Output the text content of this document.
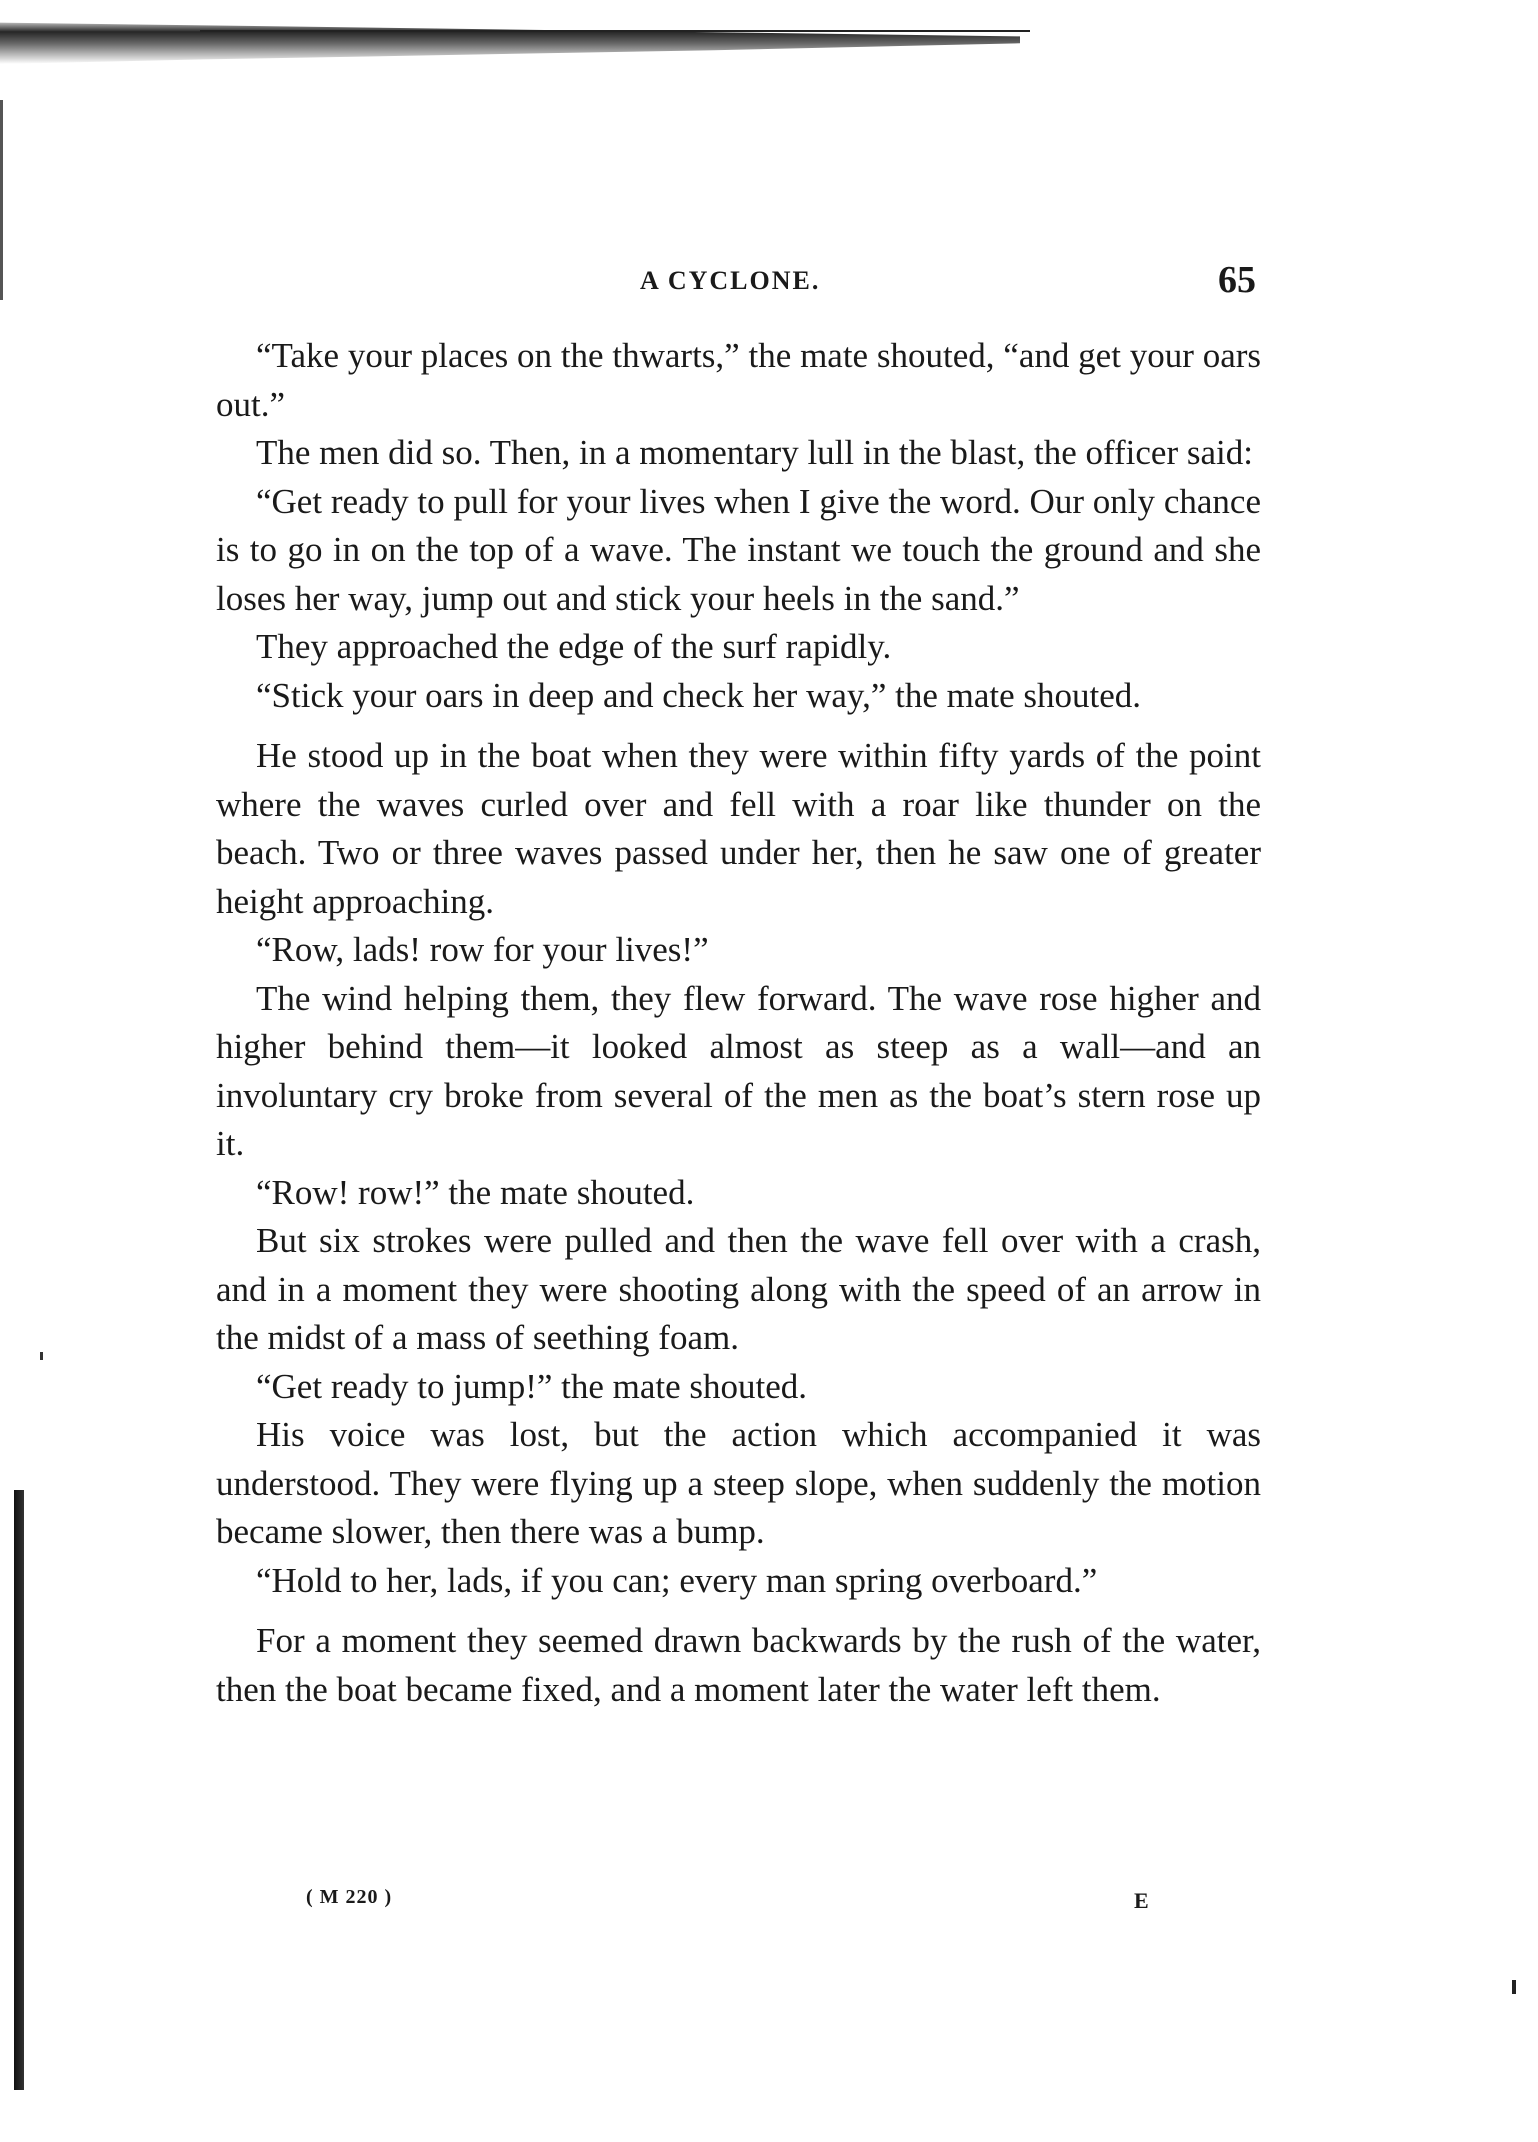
A CYCLONE.	65

“Take your places on the thwarts,” the mate shouted, “and get your oars out.”

The men did so. Then, in a momentary lull in the blast, the officer said:

“Get ready to pull for your lives when I give the word. Our only chance is to go in on the top of a wave. The instant we touch the ground and she loses her way, jump out and stick your heels in the sand.”

They approached the edge of the surf rapidly.

“Stick your oars in deep and check her way,” the mate shouted.

He stood up in the boat when they were within fifty yards of the point where the waves curled over and fell with a roar like thunder on the beach. Two or three waves passed under her, then he saw one of greater height approaching.

“Row, lads! row for your lives!”

The wind helping them, they flew forward. The wave rose higher and higher behind them—it looked almost as steep as a wall—and an involuntary cry broke from several of the men as the boat’s stern rose up it.

“Row! row!” the mate shouted.

But six strokes were pulled and then the wave fell over with a crash, and in a moment they were shooting along with the speed of an arrow in the midst of a mass of seething foam.

“Get ready to jump!” the mate shouted.

His voice was lost, but the action which accompanied it was understood. They were flying up a steep slope, when suddenly the motion became slower, then there was a bump.

“Hold to her, lads, if you can; every man spring overboard.”

For a moment they seemed drawn backwards by the rush of the water, then the boat became fixed, and a moment later the water left them.

( M 220 )	E
